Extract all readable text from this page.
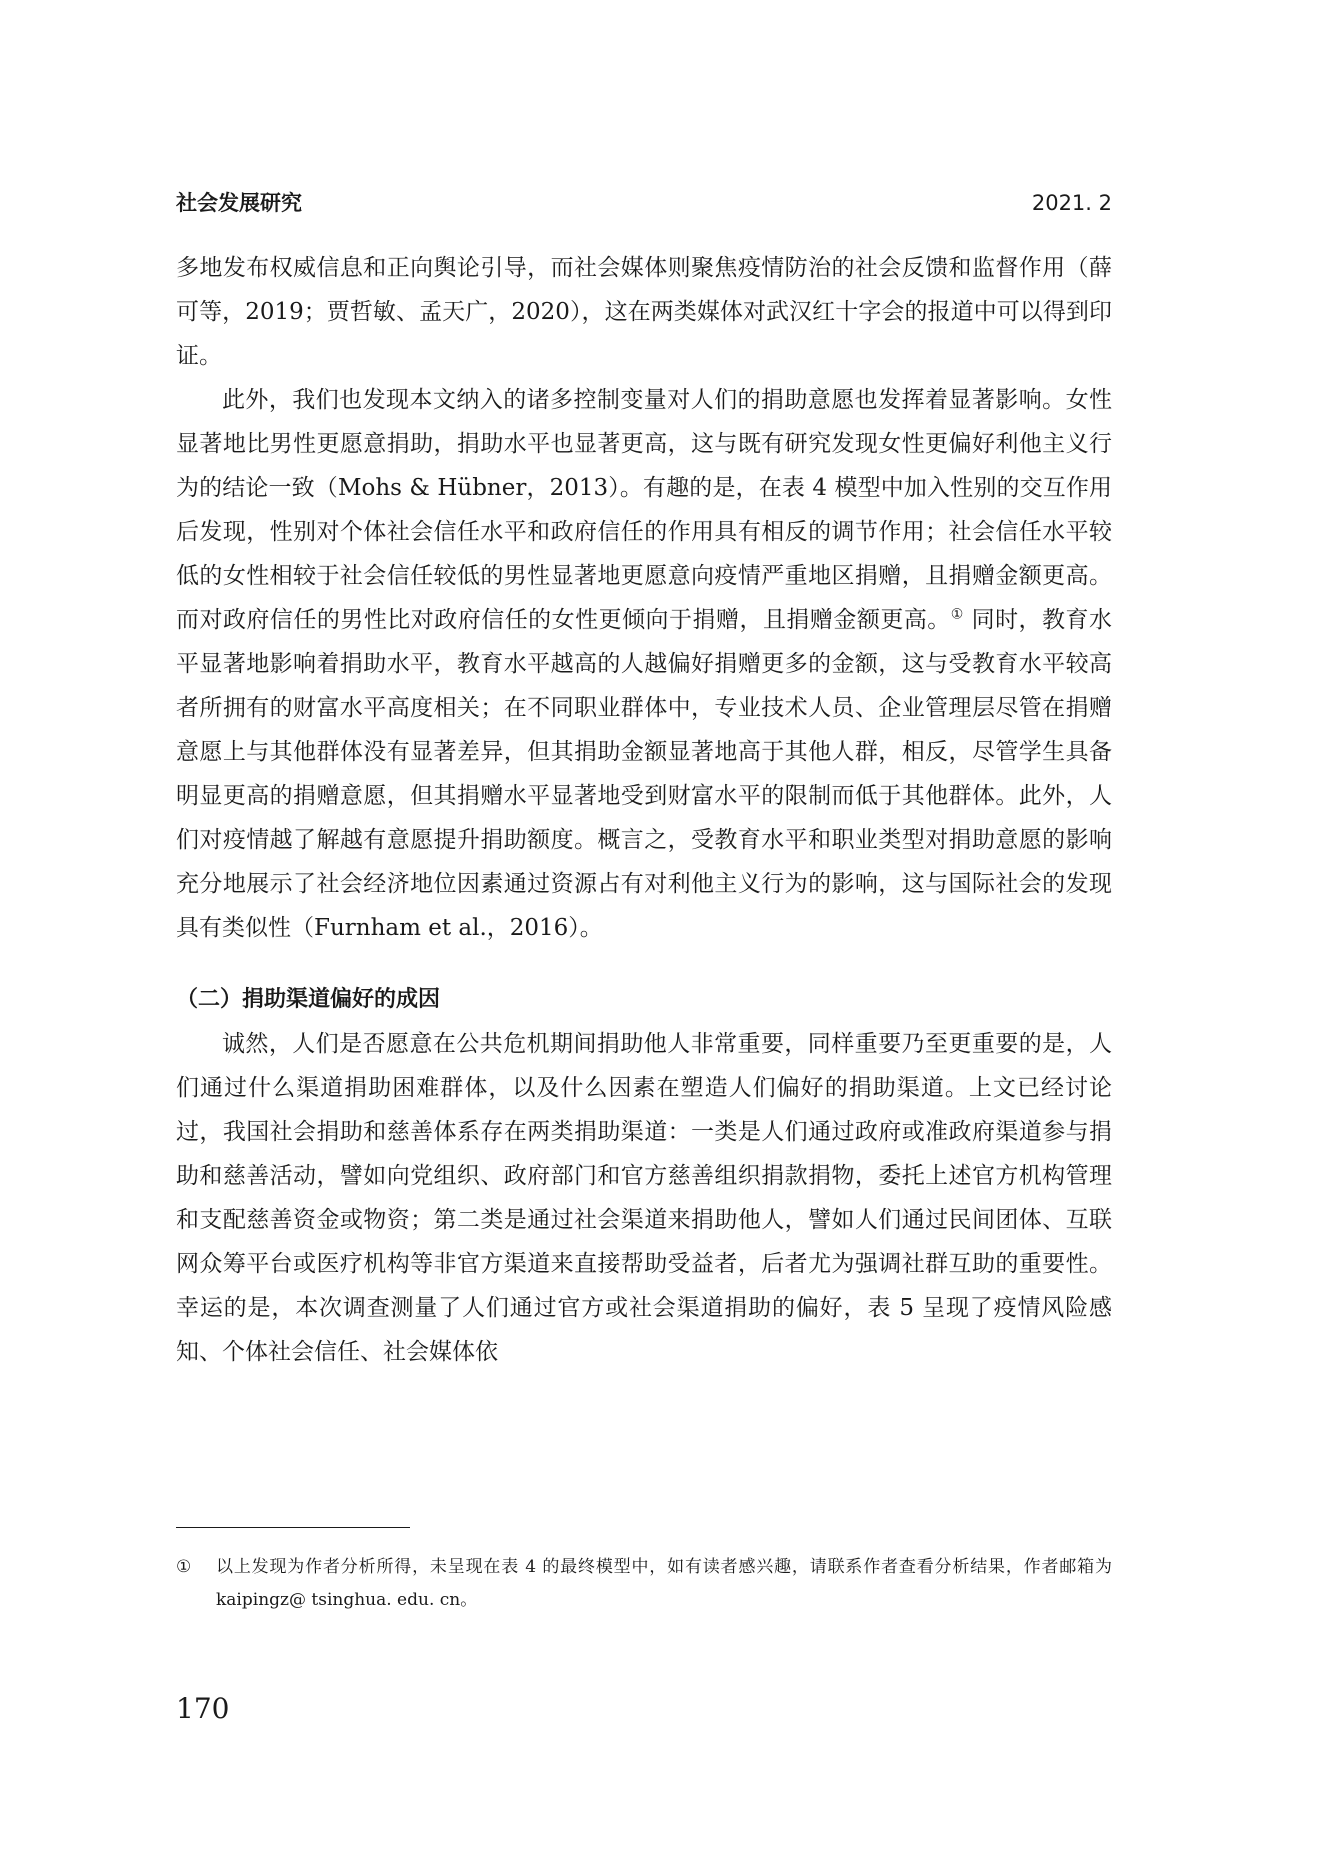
社会发展研究	2021. 2

多地发布权威信息和正向舆论引导，而社会媒体则聚焦疫情防治的社会反馈和监督作用（薛可等，2019；贾哲敏、孟天广，2020），这在两类媒体对武汉红十字会的报道中可以得到印证。

此外，我们也发现本文纳入的诸多控制变量对人们的捐助意愿也发挥着显著影响。女性显著地比男性更愿意捐助，捐助水平也显著更高，这与既有研究发现女性更偏好利他主义行为的结论一致（Mohs & Hübner，2013）。有趣的是，在表 4 模型中加入性别的交互作用后发现，性别对个体社会信任水平和政府信任的作用具有相反的调节作用；社会信任水平较低的女性相较于社会信任较低的男性显著地更愿意向疫情严重地区捐赠，且捐赠金额更高。而对政府信任的男性比对政府信任的女性更倾向于捐赠，且捐赠金额更高。① 同时，教育水平显著地影响着捐助水平，教育水平越高的人越偏好捐赠更多的金额，这与受教育水平较高者所拥有的财富水平高度相关；在不同职业群体中，专业技术人员、企业管理层尽管在捐赠意愿上与其他群体没有显著差异，但其捐助金额显著地高于其他人群，相反，尽管学生具备明显更高的捐赠意愿，但其捐赠水平显著地受到财富水平的限制而低于其他群体。此外，人们对疫情越了解越有意愿提升捐助额度。概言之，受教育水平和职业类型对捐助意愿的影响充分地展示了社会经济地位因素通过资源占有对利他主义行为的影响，这与国际社会的发现具有类似性（Furnham et al.，2016）。

（二）捐助渠道偏好的成因

诚然，人们是否愿意在公共危机期间捐助他人非常重要，同样重要乃至更重要的是，人们通过什么渠道捐助困难群体，以及什么因素在塑造人们偏好的捐助渠道。上文已经讨论过，我国社会捐助和慈善体系存在两类捐助渠道：一类是人们通过政府或准政府渠道参与捐助和慈善活动，譬如向党组织、政府部门和官方慈善组织捐款捐物，委托上述官方机构管理和支配慈善资金或物资；第二类是通过社会渠道来捐助他人，譬如人们通过民间团体、互联网众筹平台或医疗机构等非官方渠道来直接帮助受益者，后者尤为强调社群互助的重要性。幸运的是，本次调查测量了人们通过官方或社会渠道捐助的偏好，表 5 呈现了疫情风险感知、个体社会信任、社会媒体依

①	以上发现为作者分析所得，未呈现在表 4 的最终模型中，如有读者感兴趣，请联系作者查看分析结果，作者邮箱为 kaipingz@ tsinghua. edu. cn。
170
